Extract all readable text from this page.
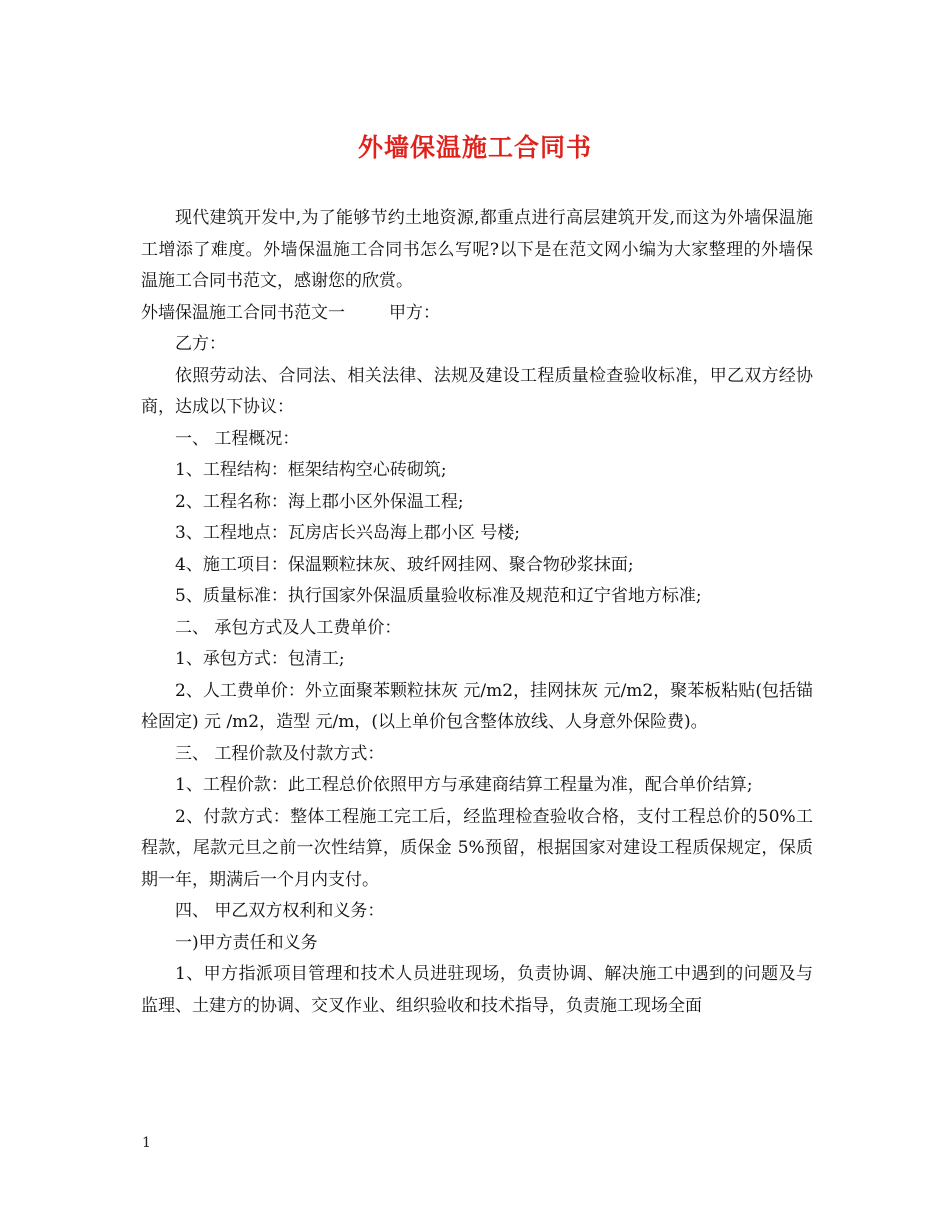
外墙保温施工合同书

现代建筑开发中,为了能够节约土地资源,都重点进行高层建筑开发,而这为外墙保温施工增添了难度。外墙保温施工合同书怎么写呢?以下是在范文网小编为大家整理的外墙保温施工合同书范文，感谢您的欣赏。

外墙保温施工合同书范文一	甲方：

乙方：

依照劳动法、合同法、相关法律、法规及建设工程质量检查验收标准，甲乙双方经协商，达成以下协议：

一、 工程概况：

1、工程结构：框架结构空心砖砌筑;

2、工程名称：海上郡小区外保温工程;

3、工程地点：瓦房店长兴岛海上郡小区 号楼;

4、施工项目：保温颗粒抹灰、玻纤网挂网、聚合物砂浆抹面;

5、质量标准：执行国家外保温质量验收标准及规范和辽宁省地方标准;

二、 承包方式及人工费单价：

1、承包方式：包清工;

2、人工费单价：外立面聚苯颗粒抹灰 元/m2，挂网抹灰 元/m2，聚苯板粘贴(包括锚栓固定) 元 /m2，造型 元/m，(以上单价包含整体放线、人身意外保险费)。

三、 工程价款及付款方式：

1、工程价款：此工程总价依照甲方与承建商结算工程量为准，配合单价结算;

2、付款方式：整体工程施工完工后，经监理检查验收合格，支付工程总价的50%工程款，尾款元旦之前一次性结算，质保金 5%预留，根据国家对建设工程质保规定，保质期一年，期满后一个月内支付。

四、 甲乙双方权利和义务：

一)甲方责任和义务

1、甲方指派项目管理和技术人员进驻现场，负责协调、解决施工中遇到的问题及与监理、土建方的协调、交叉作业、组织验收和技术指导，负责施工现场全面

1
